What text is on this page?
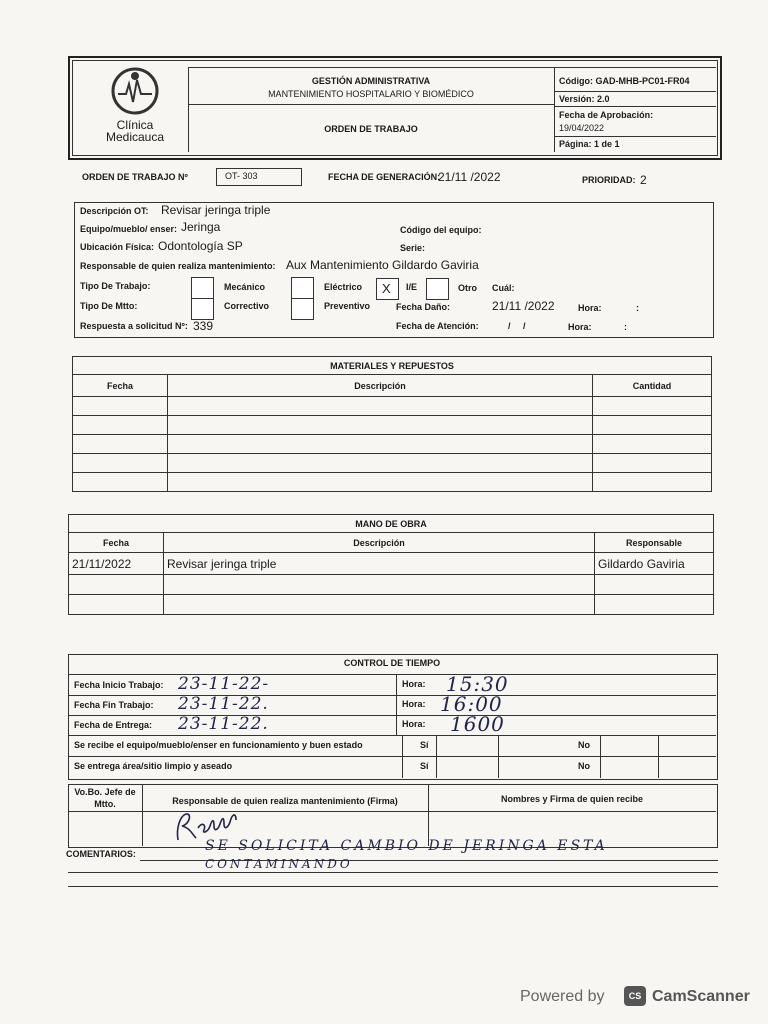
Clínica
Medicauca
GESTIÓN ADMINISTRATIVA
MANTENIMIENTO HOSPITALARIO Y BIOMÉDICO
ORDEN DE TRABAJO
Código: GAD-MHB-PC01-FR04
Versión: 2.0
Fecha de Aprobación:
19/04/2022
Página: 1 de 1
ORDEN DE TRABAJO Nº	OT- 303	FECHA DE GENERACIÓN:
21/11 /2022	PRIORIDAD: 2
Descripción OT: Revisar jeringa triple
Equipo/mueblo/ enser: Jeringa	Código del equipo:
Ubicación Física: Odontología SP	Serie:
Responsable de quien realiza mantenimiento: Aux Mantenimiento Gildardo Gaviria
Tipo De Trabajo:	Mecánico	Eléctrico X I/E	Otro Cuál:
Tipo De Mtto:	Correctivo	Preventivo	Fecha Daño:	21/11 /2022	Hora:	:
Respuesta a solicitud Nº: 339	Fecha de Atención:	/     /	Hora:	:
MATERIALES Y REPUESTOS		
Fecha	Descripción	Cantidad

MANO DE OBRA		
Fecha	Descripción	Responsable
21/11/2022	Revisar jeringa triple	Gildardo Gaviria

CONTROL DE TIEMPO
Fecha Inicio Trabajo: 23-11-22-	Hora: 15:30
Fecha Fin Trabajo: 23-11-22.	Hora: 16:00
Fecha de Entrega: 23-11-22.	Hora: 1600
Se recibe el equipo/mueblo/enser en funcionamiento y buen estado	Sí	No
Se entrega área/sitio limpio y aseado	Sí	No
Vo.Bo. Jefe de Mtto.	Responsable de quien realiza mantenimiento (Firma)	Nombres y Firma de quien recibe
COMENTARIOS:	SE SOLICITA CAMBIO DE JERINGA ESTA
CONTAMINANDO
Powered by	CS CamScanner
